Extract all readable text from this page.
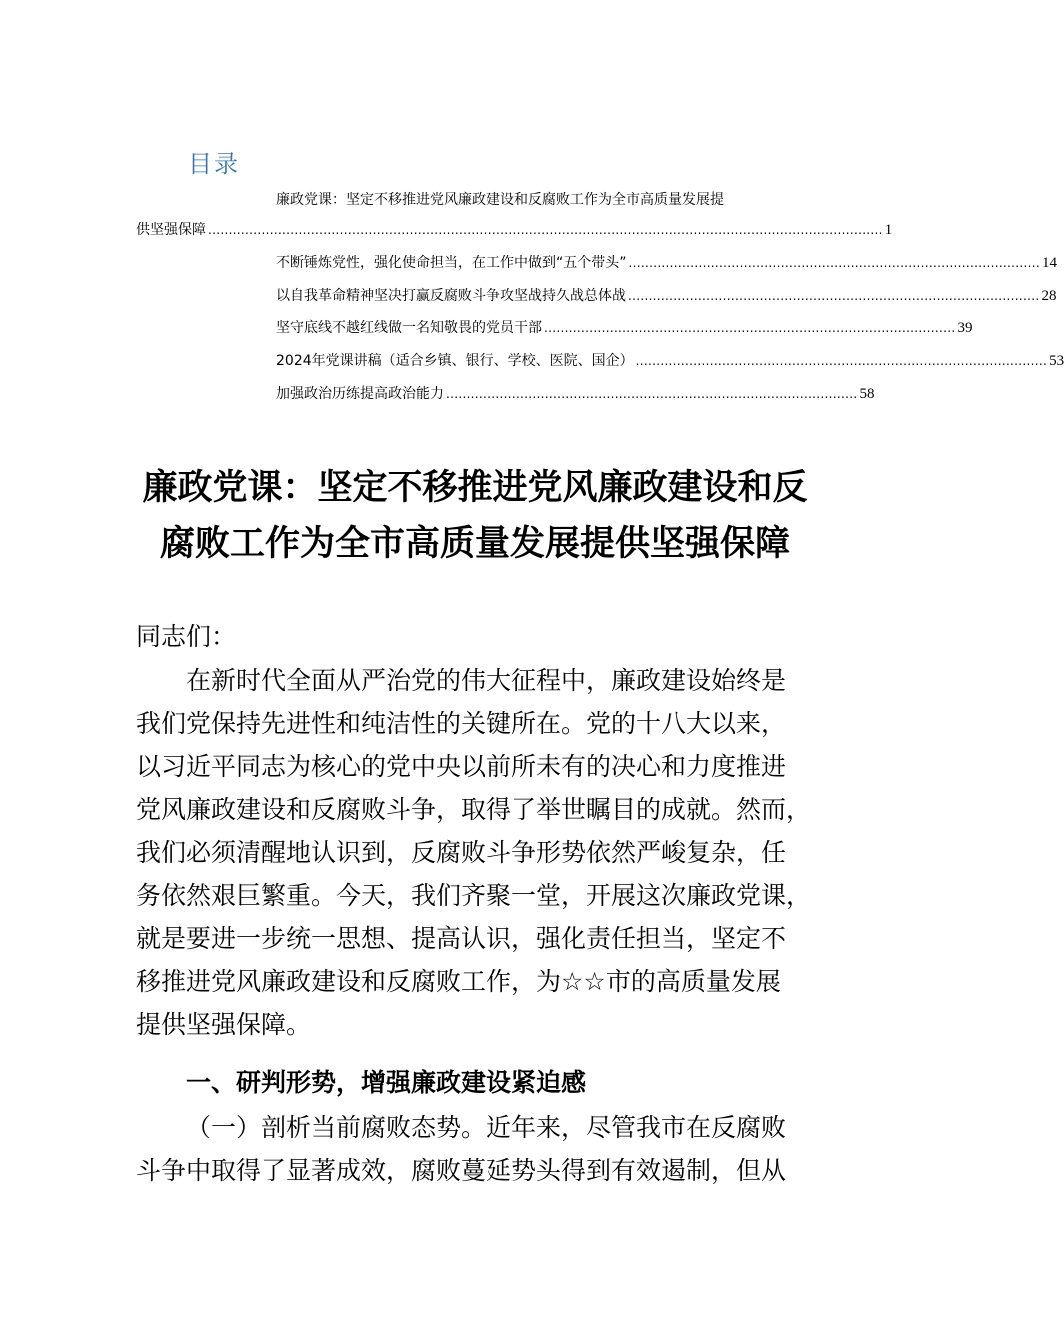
目录
廉政党课：坚定不移推进党风廉政建设和反腐败工作为全市高质量发展提
供坚强保障 .................................................................................................................................................................... 1
不断锤炼党性，强化使命担当，在工作中做到“五个带头” .................................................................................................... 14
以自我革命精神坚决打赢反腐败斗争攻坚战持久战总体战 .................................................................................................... 28
坚守底线不越红线做一名知敬畏的党员干部 .................................................................................................... 39
2024年党课讲稿（适合乡镇、银行、学校、医院、国企） .................................................................................................... 53
加强政治历练提高政治能力 .................................................................................................... 58
廉政党课：坚定不移推进党风廉政建设和反
腐败工作为全市高质量发展提供坚强保障
同志们：
在新时代全面从严治党的伟大征程中，廉政建设始终是
我们党保持先进性和纯洁性的关键所在。党的十八大以来，
以习近平同志为核心的党中央以前所未有的决心和力度推进
党风廉政建设和反腐败斗争，取得了举世瞩目的成就。然而，
我们必须清醒地认识到，反腐败斗争形势依然严峻复杂，任
务依然艰巨繁重。今天，我们齐聚一堂，开展这次廉政党课，
就是要进一步统一思想、提高认识，强化责任担当，坚定不
移推进党风廉政建设和反腐败工作，为☆☆市的高质量发展
提供坚强保障。
一、研判形势，增强廉政建设紧迫感
（一）剖析当前腐败态势。近年来，尽管我市在反腐败
斗争中取得了显著成效，腐败蔓延势头得到有效遏制，但从
